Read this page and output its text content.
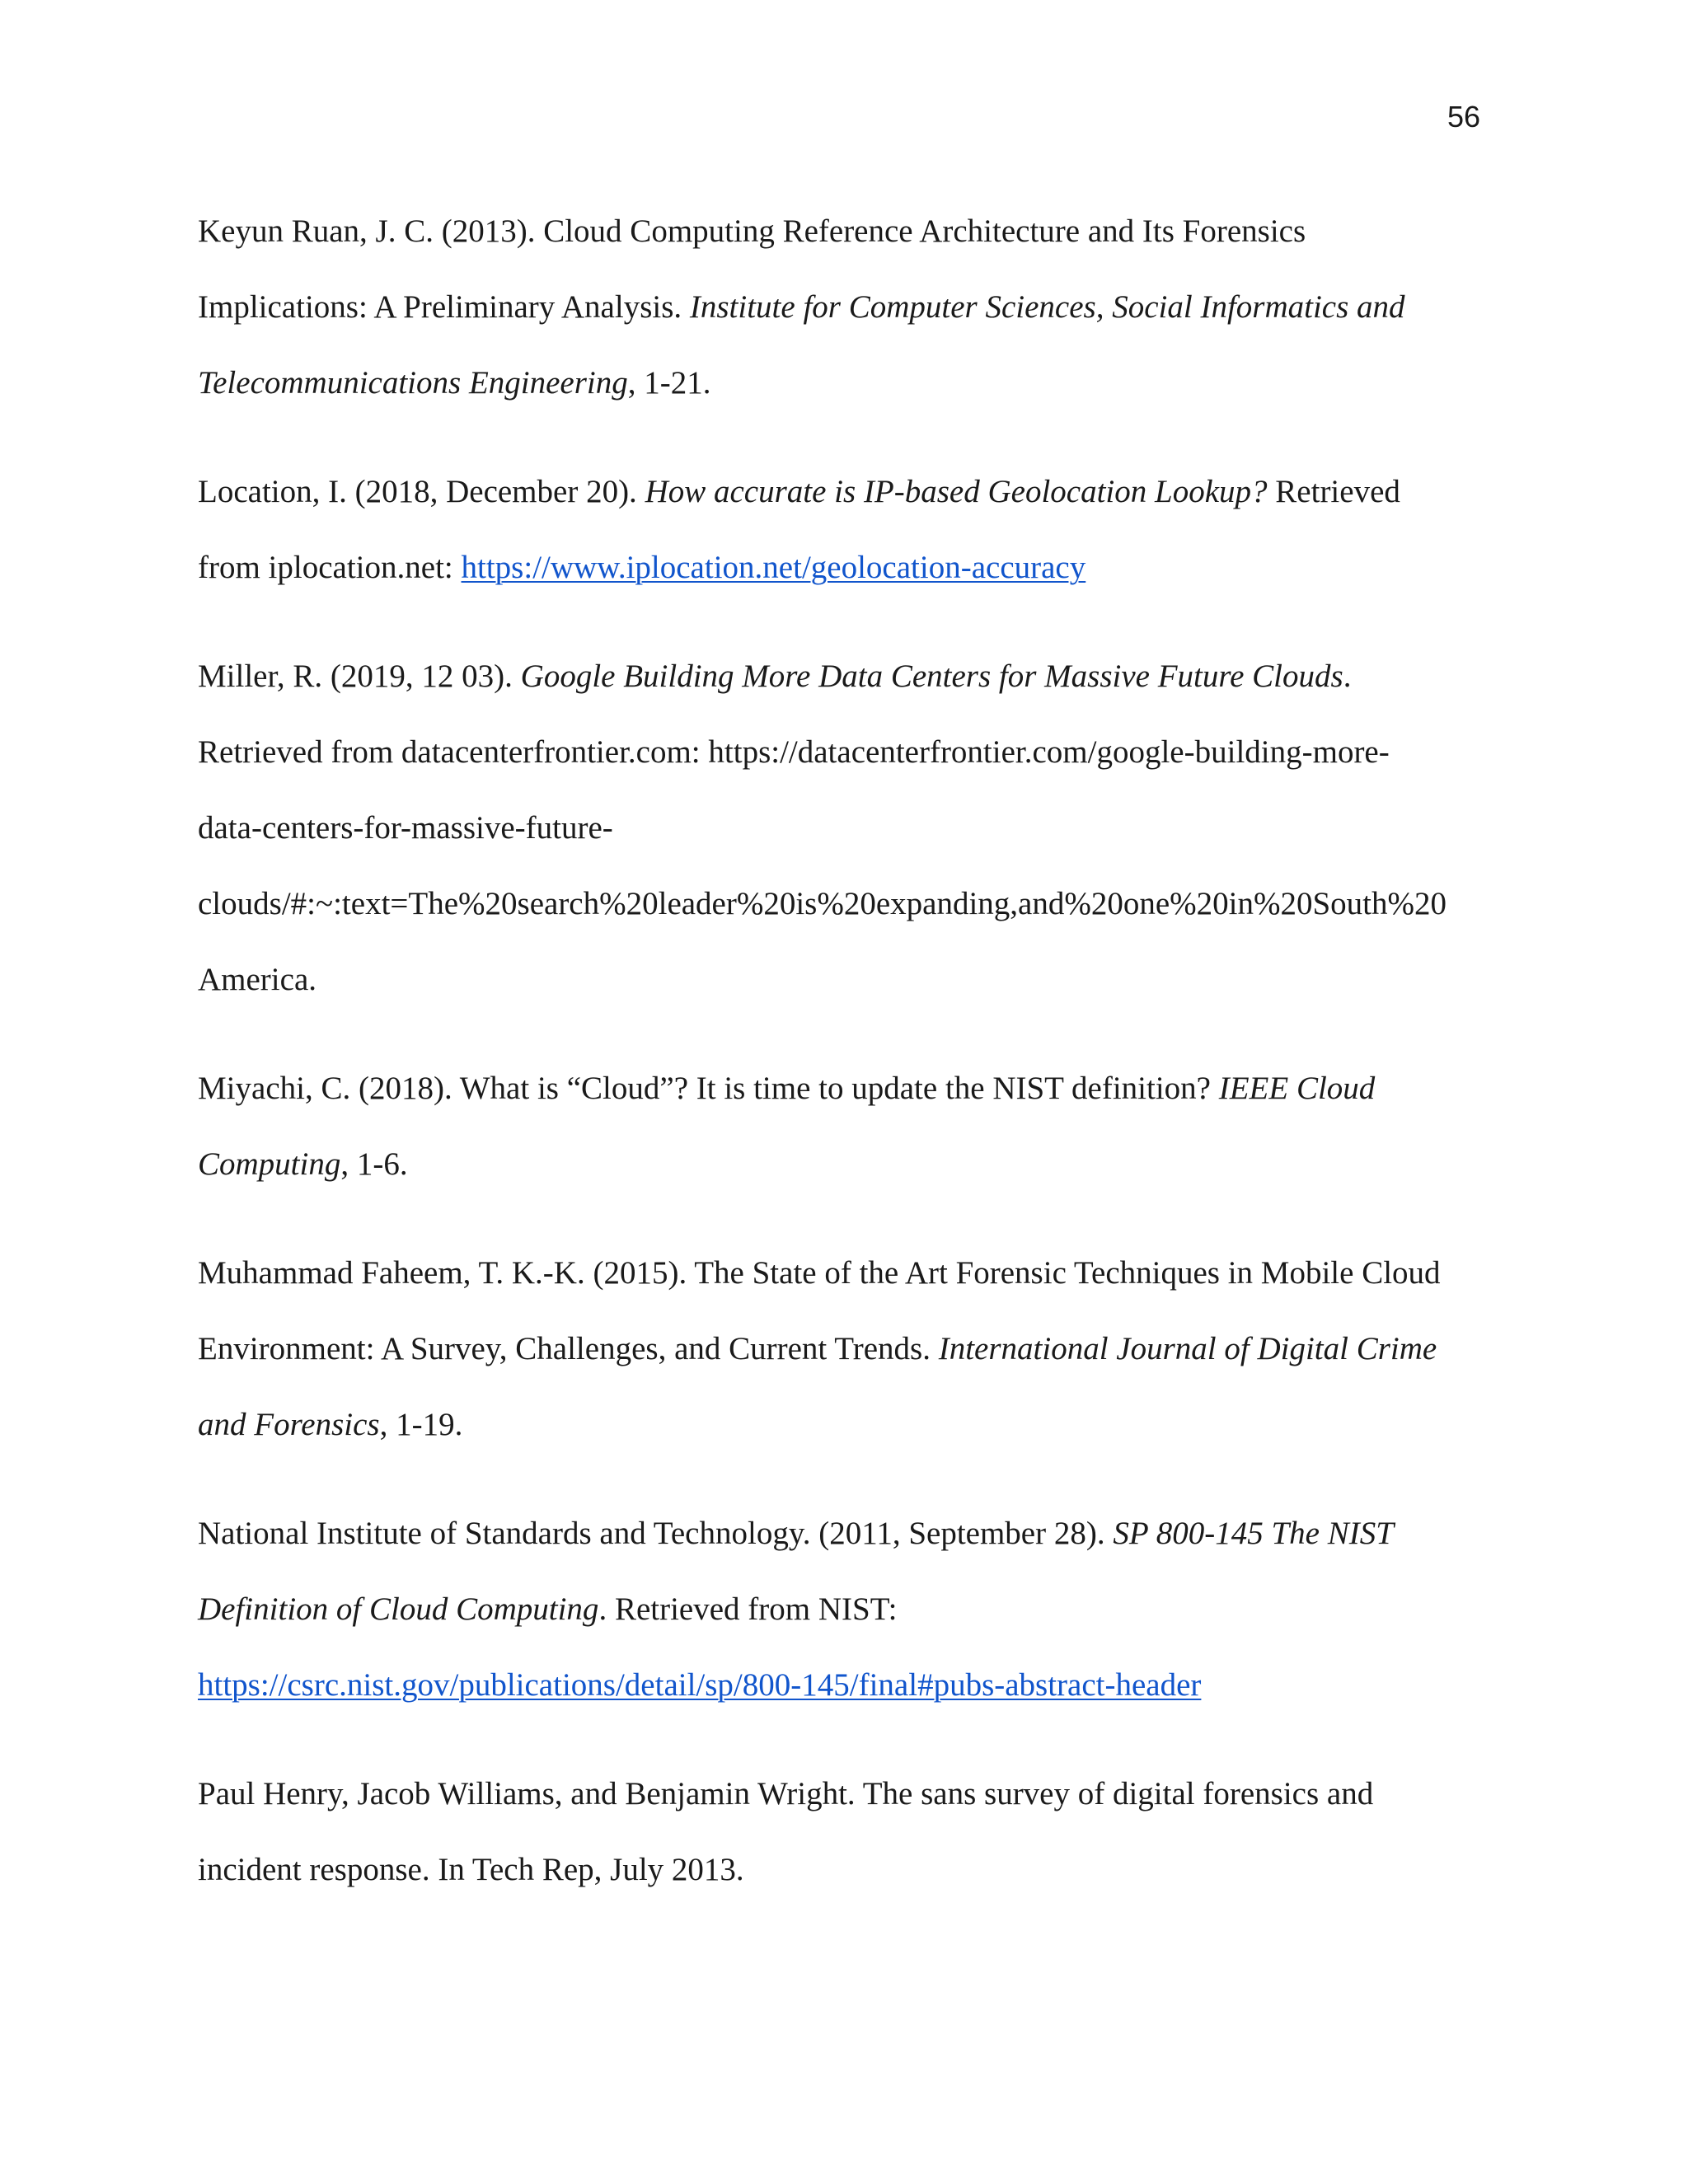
56
Keyun Ruan, J. C. (2013). Cloud Computing Reference Architecture and Its Forensics
Implications: A Preliminary Analysis. Institute for Computer Sciences, Social Informatics and
Telecommunications Engineering, 1-21.
Location, I. (2018, December 20). How accurate is IP-based Geolocation Lookup? Retrieved
from iplocation.net: https://www.iplocation.net/geolocation-accuracy
Miller, R. (2019, 12 03). Google Building More Data Centers for Massive Future Clouds.
Retrieved from datacenterfrontier.com: https://datacenterfrontier.com/google-building-more-
data-centers-for-massive-future-
clouds/#:~:text=The%20search%20leader%20is%20expanding,and%20one%20in%20South%20
America.
Miyachi, C. (2018). What is “Cloud”? It is time to update the NIST definition? IEEE Cloud
Computing, 1-6.
Muhammad Faheem, T. K.-K. (2015). The State of the Art Forensic Techniques in Mobile Cloud
Environment: A Survey, Challenges, and Current Trends. International Journal of Digital Crime
and Forensics, 1-19.
National Institute of Standards and Technology. (2011, September 28). SP 800-145 The NIST
Definition of Cloud Computing. Retrieved from NIST:
https://csrc.nist.gov/publications/detail/sp/800-145/final#pubs-abstract-header
Paul Henry, Jacob Williams, and Benjamin Wright. The sans survey of digital forensics and
incident response. In Tech Rep, July 2013.
